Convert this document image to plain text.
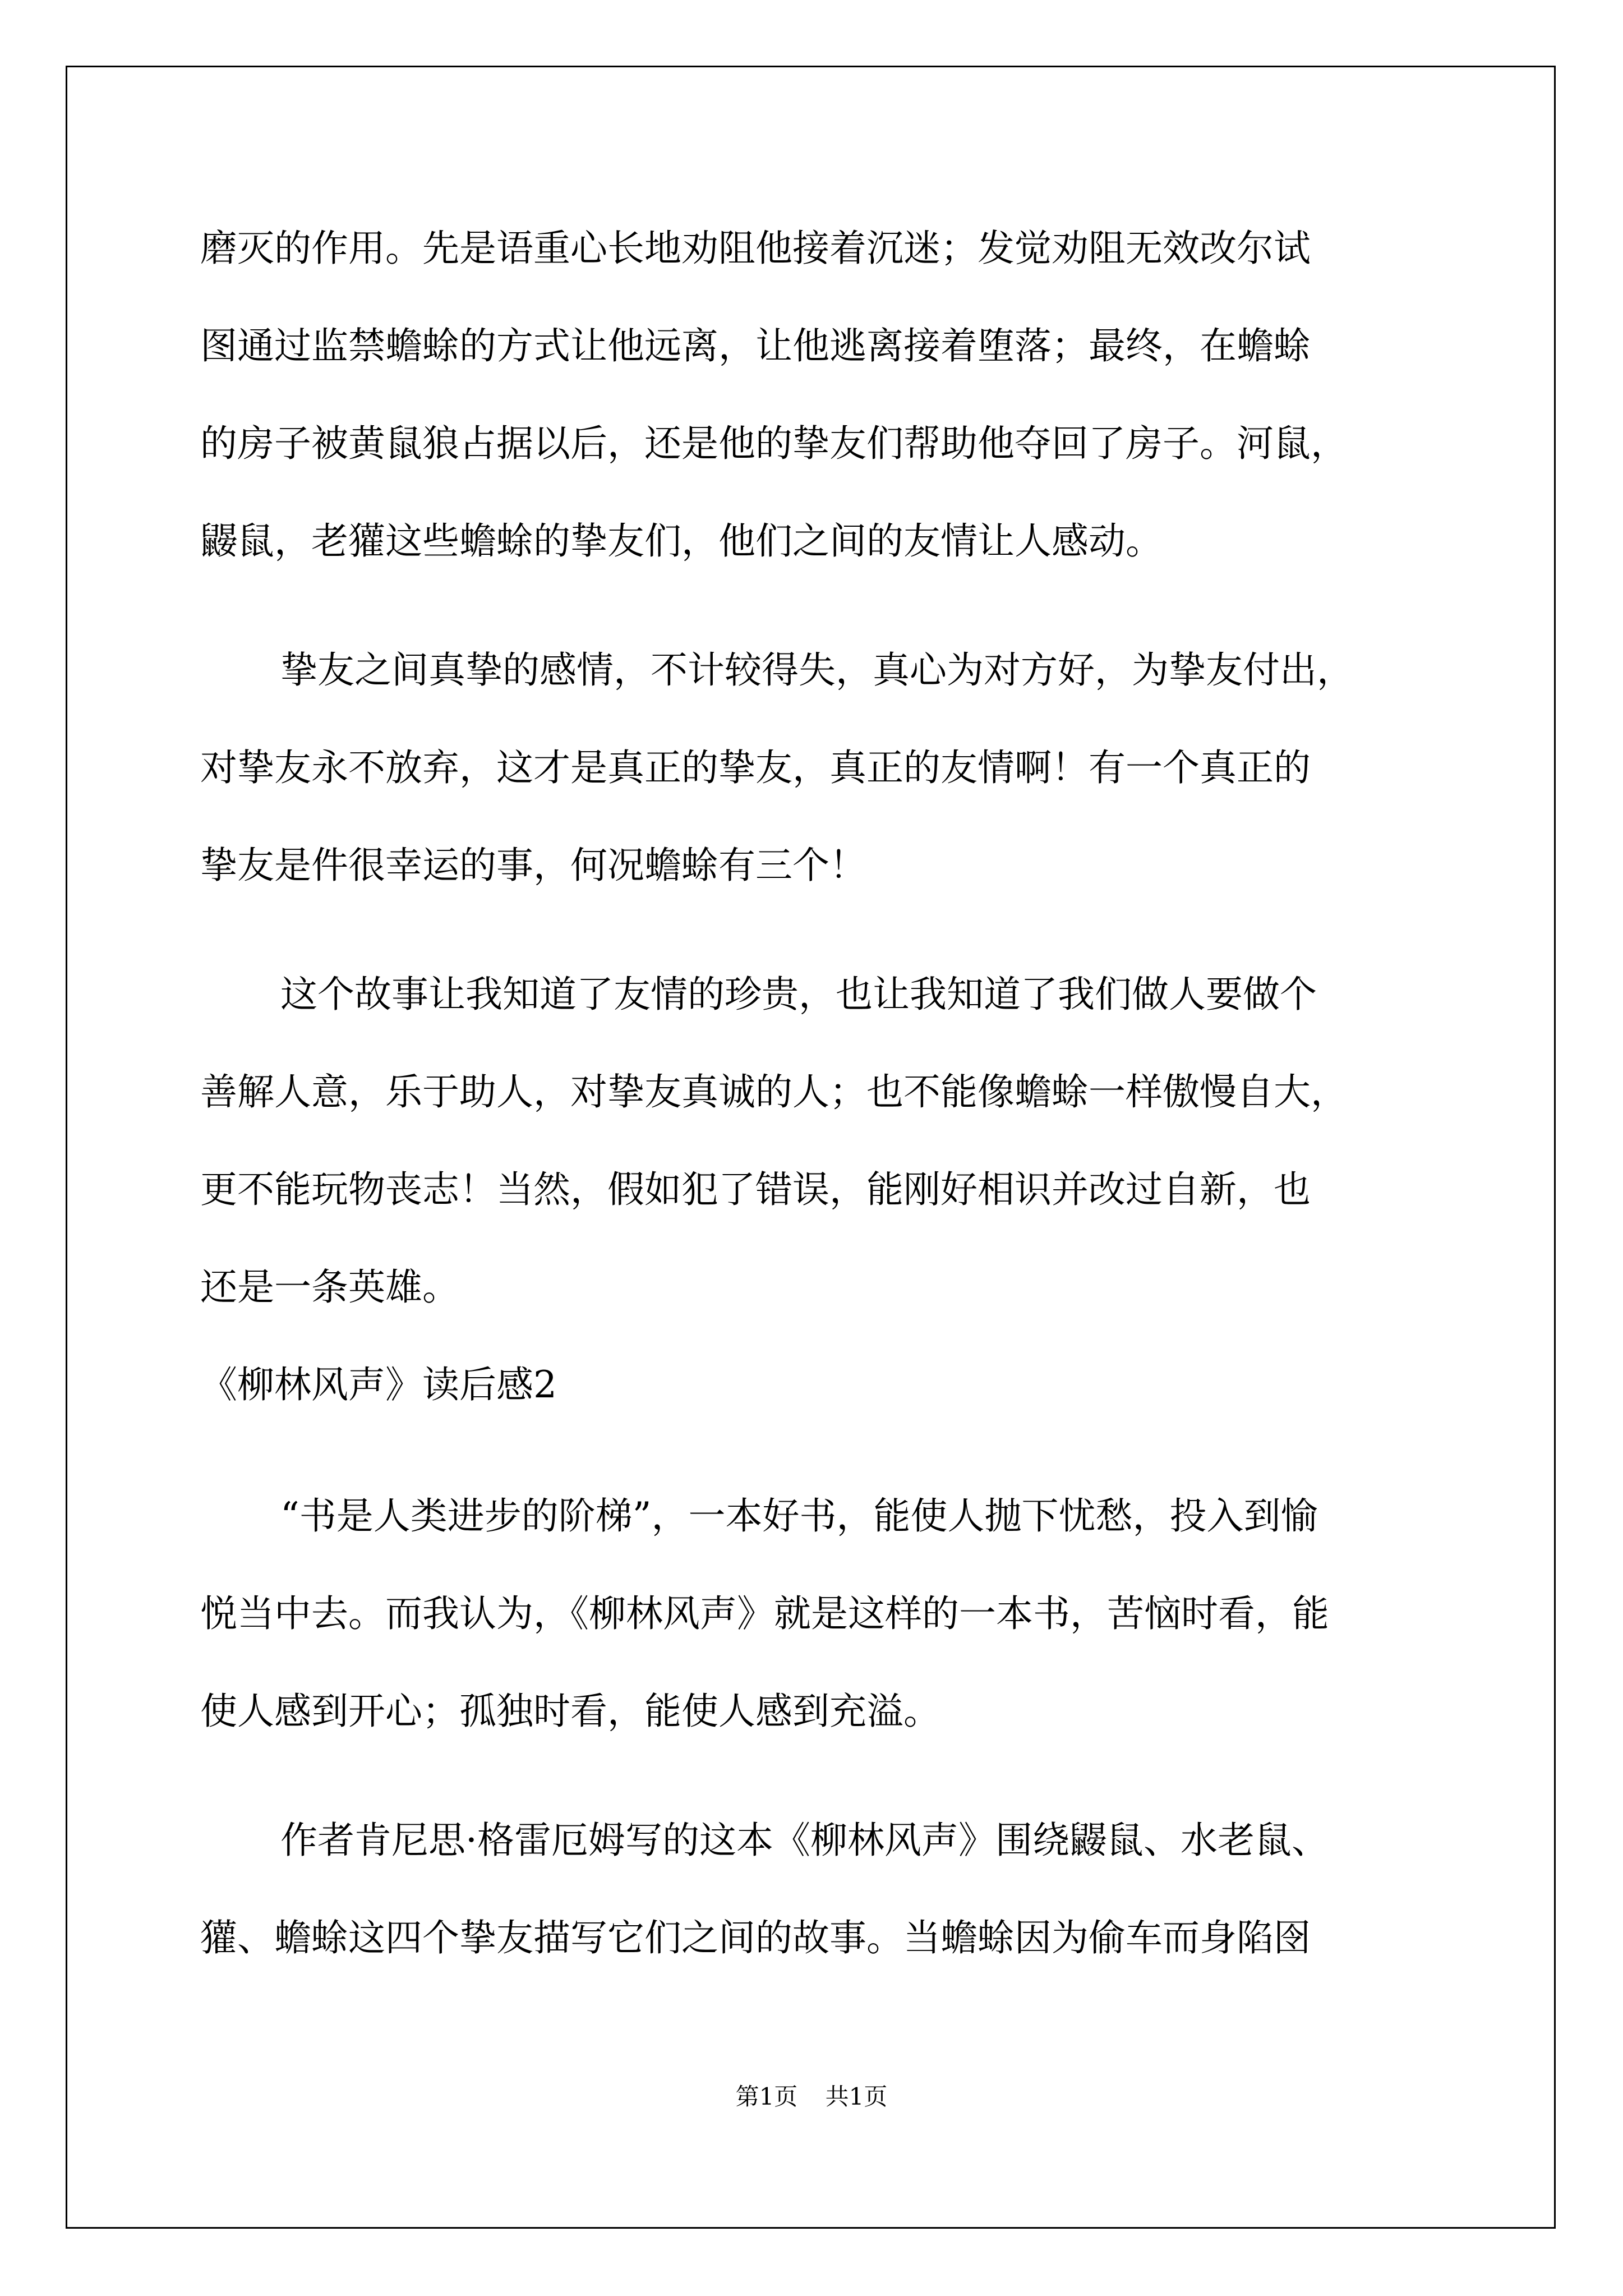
磨灭的作用。先是语重心长地劝阻他接着沉迷；发觉劝阻无效改尔试
图通过监禁蟾蜍的方式让他远离，让他逃离接着堕落；最终，在蟾蜍
的房子被黄鼠狼占据以后，还是他的挚友们帮助他夺回了房子。河鼠，
鼹鼠，老獾这些蟾蜍的挚友们，他们之间的友情让人感动。
挚友之间真挚的感情，不计较得失，真心为对方好，为挚友付出，
对挚友永不放弃，这才是真正的挚友，真正的友情啊！有一个真正的
挚友是件很幸运的事，何况蟾蜍有三个！
这个故事让我知道了友情的珍贵，也让我知道了我们做人要做个
善解人意，乐于助人，对挚友真诚的人；也不能像蟾蜍一样傲慢自大，
更不能玩物丧志！当然，假如犯了错误，能刚好相识并改过自新，也
还是一条英雄。
《柳林风声》读后感2
“书是人类进步的阶梯”，一本好书，能使人抛下忧愁，投入到愉
悦当中去。而我认为，《柳林风声》就是这样的一本书，苦恼时看，能
使人感到开心；孤独时看，能使人感到充溢。
作者肯尼思·格雷厄姆写的这本《柳林风声》围绕鼹鼠、水老鼠、
獾、蟾蜍这四个挚友描写它们之间的故事。当蟾蜍因为偷车而身陷囹
第1页 共1页
